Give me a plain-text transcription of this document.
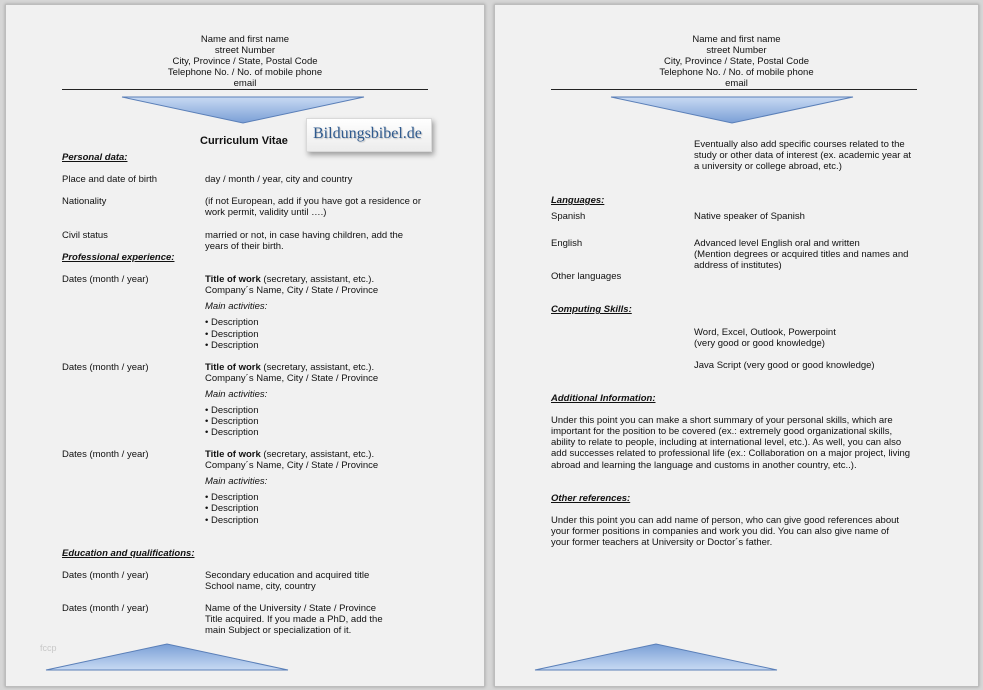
Name and first name
street Number
City, Province / State, Postal Code
Telephone No. / No. of mobile phone
email
Curriculum Vitae
Personal data:
Place and date of birth	day / month / year, city and country
Nationality	(if not European, add if you have got a residence or
work permit, validity until ….)
Civil status	married or not, in case having children, add the
years of their birth.
Professional experience:
Dates (month / year)	Title of work (secretary, assistant, etc.).
Company´s Name, City / State / Province
Main activities:
• Description
• Description
• Description
Dates (month / year)	Title of work (secretary, assistant, etc.).
Company´s Name, City / State / Province
Main activities:
• Description
• Description
• Description
Dates (month / year)	Title of work (secretary, assistant, etc.).
Company´s Name, City / State / Province
Main activities:
• Description
• Description
• Description
Education and qualifications:
Dates (month / year)	Secondary education and acquired title
School name, city, country
Dates (month / year)	Name of the University / State / Province
Title acquired. If you made a PhD, add the
main Subject or specialization of it.
fccp
Bildungsbibel.de
Name and first name
street Number
City, Province / State, Postal Code
Telephone No. / No. of mobile phone
email
Eventually also add specific courses related to the
study or other data of interest (ex. academic year at
a university or college abroad, etc.)
Languages:
Spanish	Native speaker of Spanish
English	Advanced level English oral and written
(Mention degrees or acquired titles and names and
address of institutes)
Other languages
Computing Skills:
Word, Excel, Outlook, Powerpoint
(very good or good knowledge)
Java Script (very good or good knowledge)
Additional Information:
Under this point you can make a short summary of your personal skills, which are
important for the position to be covered (ex.: extremely good organizational skills,
ability to relate to people, including at international level, etc.). As well, you can also
add successes related to professional life (ex.: Collaboration on a major project, living
abroad and learning the language and customs in another country, etc..).
Other references:
Under this point you can add name of person, who can give good references about
your former positions in companies and work you did. You can also give name of
your former teachers at University or Doctor´s father.
